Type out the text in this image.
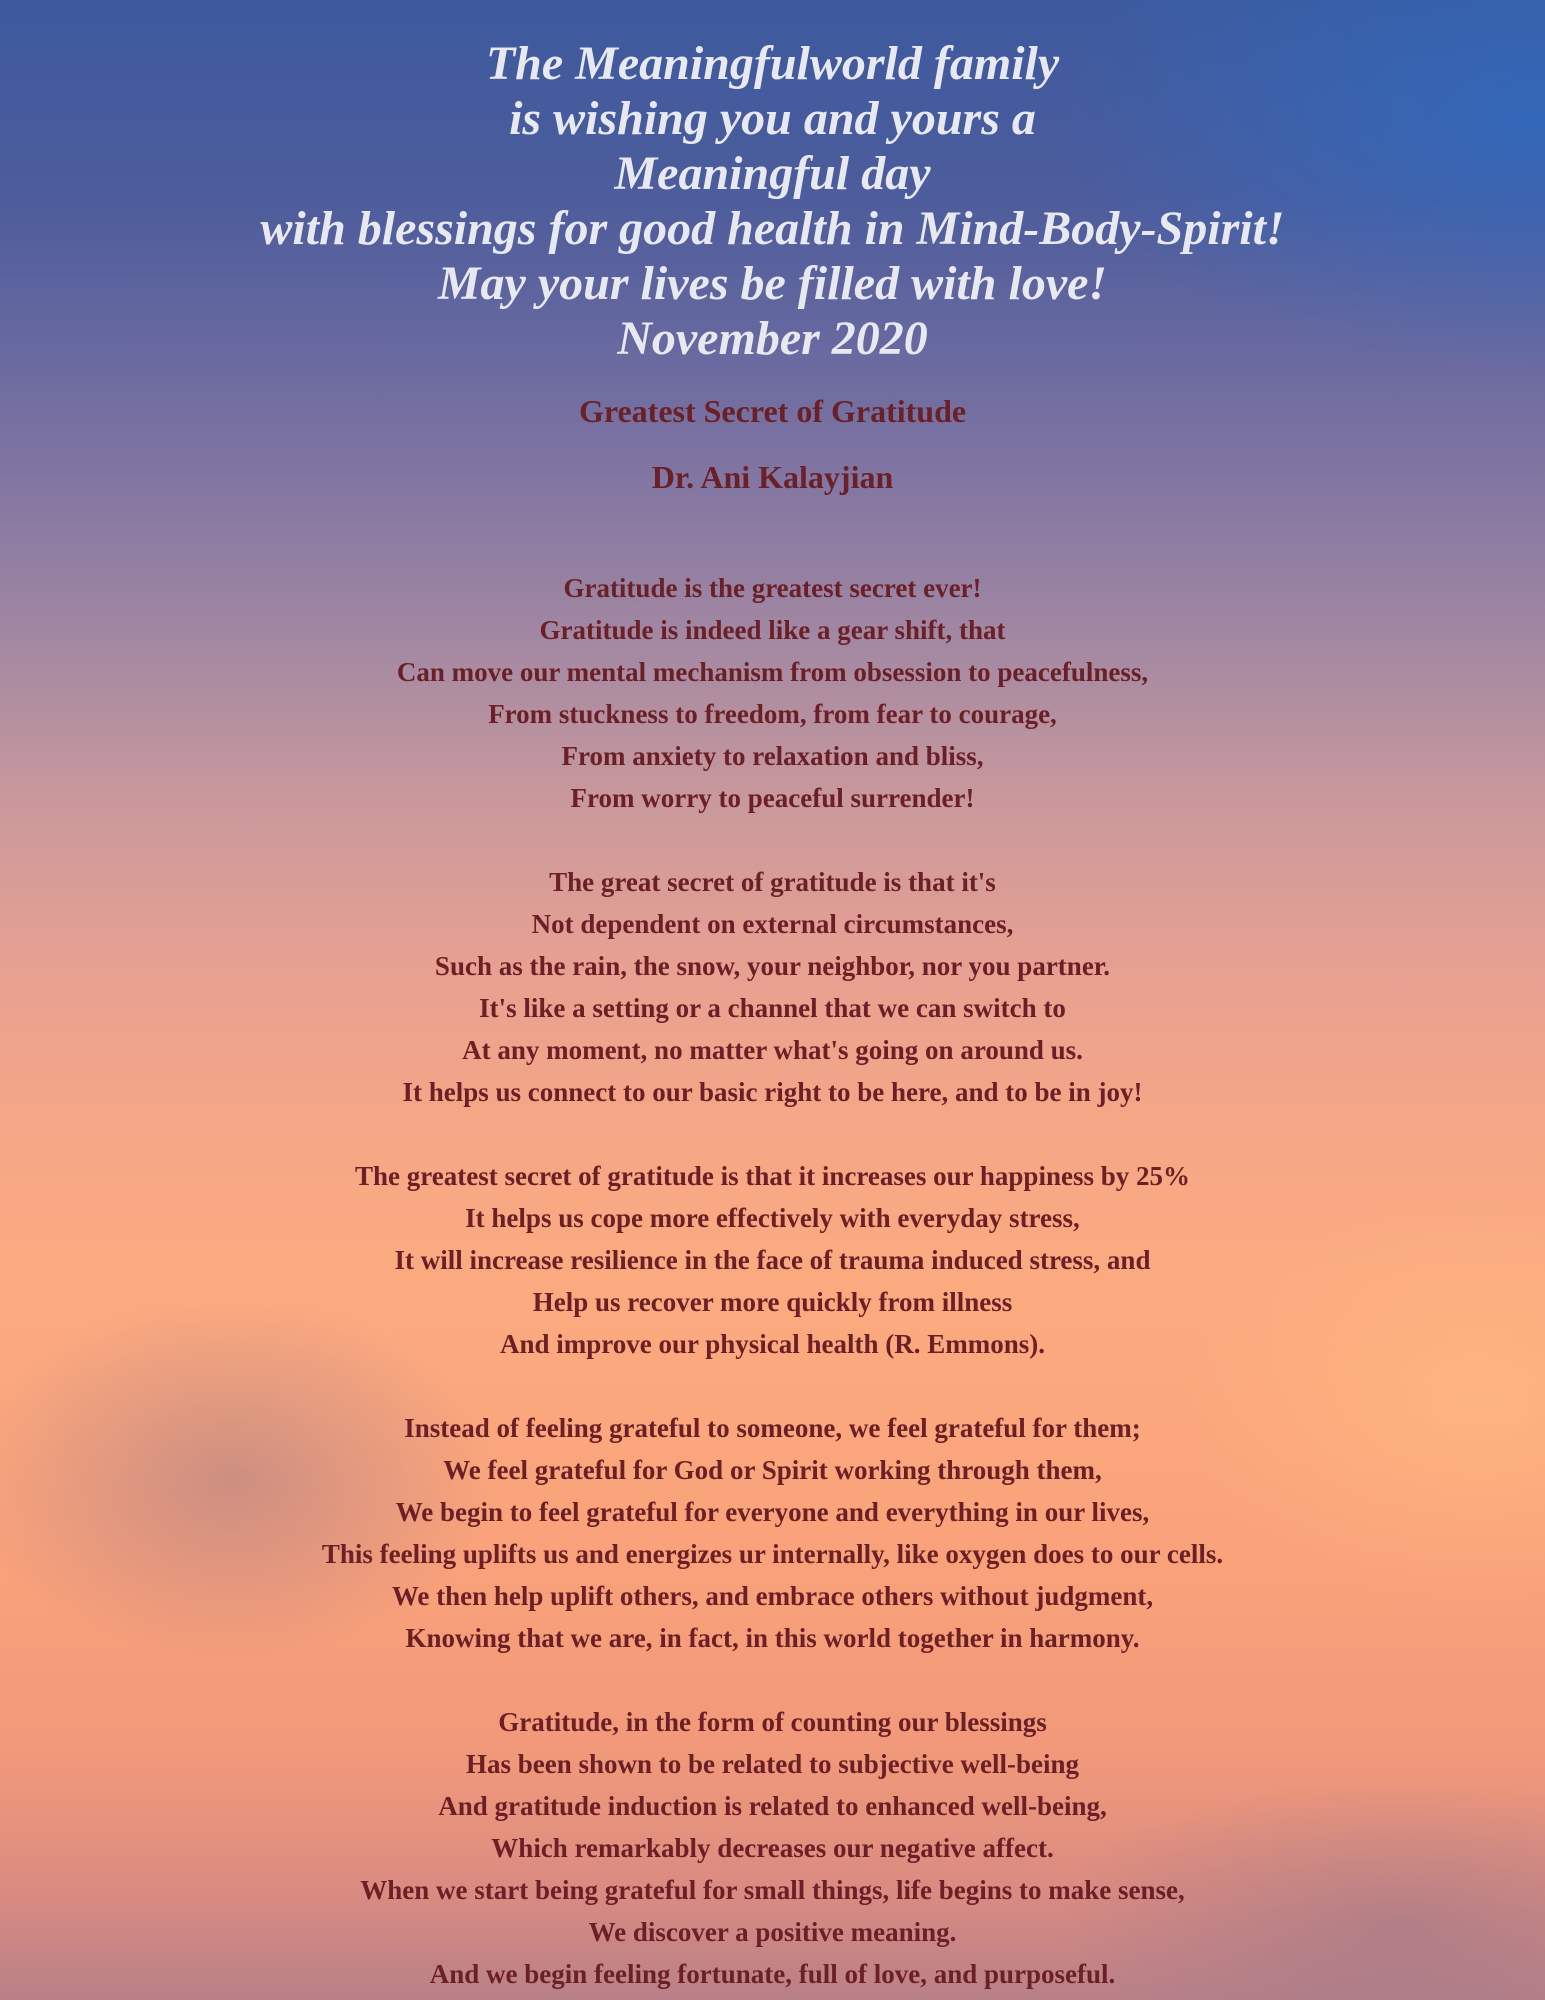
The Meaningfulworld family
is wishing you and yours a
Meaningful day
with blessings for good health in Mind-Body-Spirit!
May your lives be filled with love!
November 2020
Greatest Secret of Gratitude
Dr. Ani Kalayjian
Gratitude is the greatest secret ever!
Gratitude is indeed like a gear shift, that
Can move our mental mechanism from obsession to peacefulness,
From stuckness to freedom, from fear to courage,
From anxiety to relaxation and bliss,
From worry to peaceful surrender!
The great secret of gratitude is that it's
Not dependent on external circumstances,
Such as the rain, the snow, your neighbor, nor you partner.
It's like a setting or a channel that we can switch to
At any moment, no matter what's going on around us.
It helps us connect to our basic right to be here, and to be in joy!
The greatest secret of gratitude is that it increases our happiness by 25%
It helps us cope more effectively with everyday stress,
It will increase resilience in the face of trauma induced stress, and
Help us recover more quickly from illness
And improve our physical health (R. Emmons).
Instead of feeling grateful to someone, we feel grateful for them;
We feel grateful for God or Spirit working through them,
We begin to feel grateful for everyone and everything in our lives,
This feeling uplifts us and energizes ur internally, like oxygen does to our cells.
We then help uplift others, and embrace others without judgment,
Knowing that we are, in fact, in this world together in harmony.
Gratitude, in the form of counting our blessings
Has been shown to be related to subjective well-being
And gratitude induction is related to enhanced well-being,
Which remarkably decreases our negative affect.
When we start being grateful for small things, life begins to make sense,
We discover a positive meaning.
And we begin feeling fortunate, full of love, and purposeful.
